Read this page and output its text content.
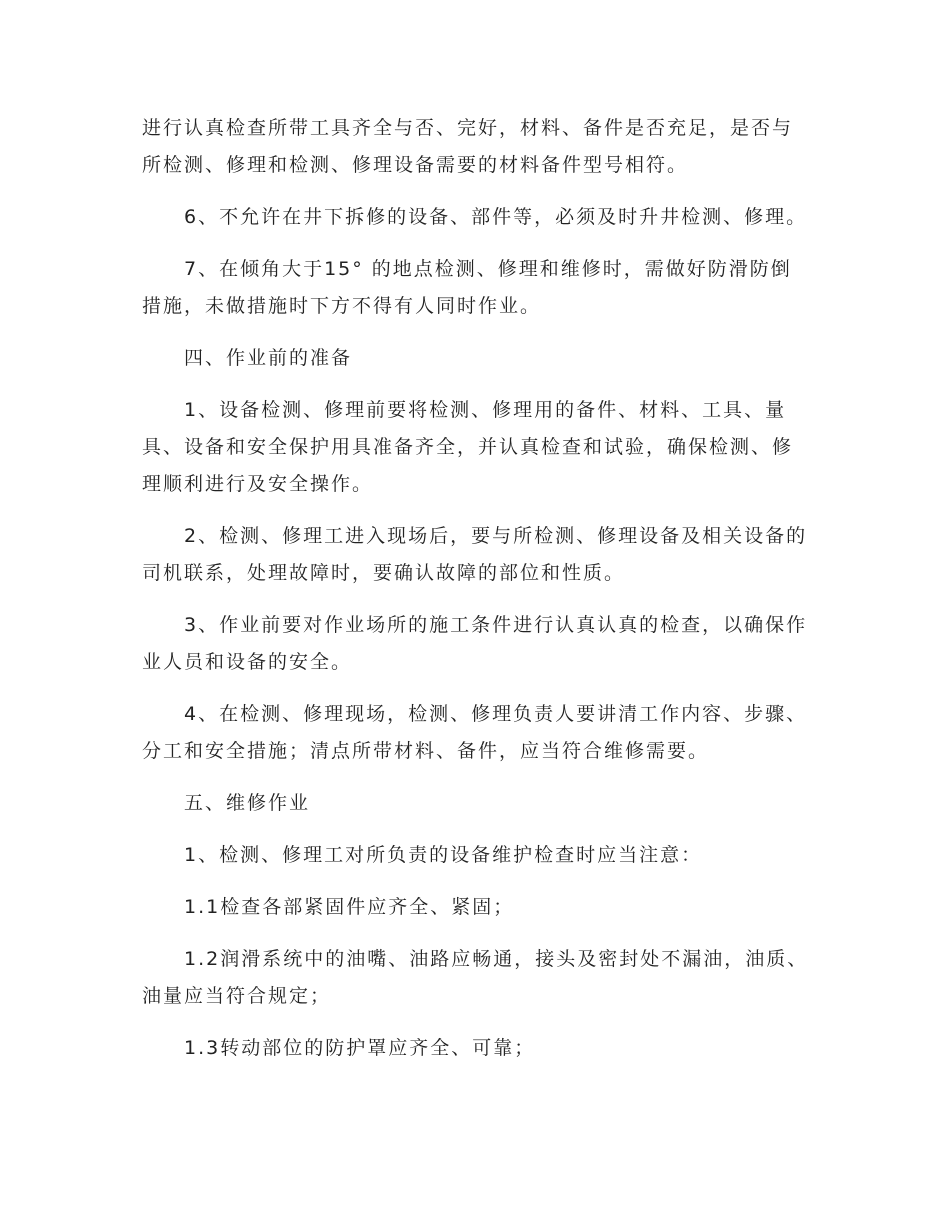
进行认真检查所带工具齐全与否、完好，材料、备件是否充足，是否与所检测、修理和检测、修理设备需要的材料备件型号相符。

6、不允许在井下拆修的设备、部件等，必须及时升井检测、修理。

7、在倾角大于15° 的地点检测、修理和维修时，需做好防滑防倒措施，未做措施时下方不得有人同时作业。

四、作业前的准备

1、设备检测、修理前要将检测、修理用的备件、材料、工具、量具、设备和安全保护用具准备齐全，并认真检查和试验，确保检测、修理顺利进行及安全操作。

2、检测、修理工进入现场后，要与所检测、修理设备及相关设备的司机联系，处理故障时，要确认故障的部位和性质。

3、作业前要对作业场所的施工条件进行认真认真的检查，以确保作业人员和设备的安全。

4、在检测、修理现场，检测、修理负责人要讲清工作内容、步骤、分工和安全措施；清点所带材料、备件，应当符合维修需要。

五、维修作业

1、检测、修理工对所负责的设备维护检查时应当注意：

1.1检查各部紧固件应齐全、紧固；

1.2润滑系统中的油嘴、油路应畅通，接头及密封处不漏油，油质、油量应当符合规定；

1.3转动部位的防护罩应齐全、可靠；
